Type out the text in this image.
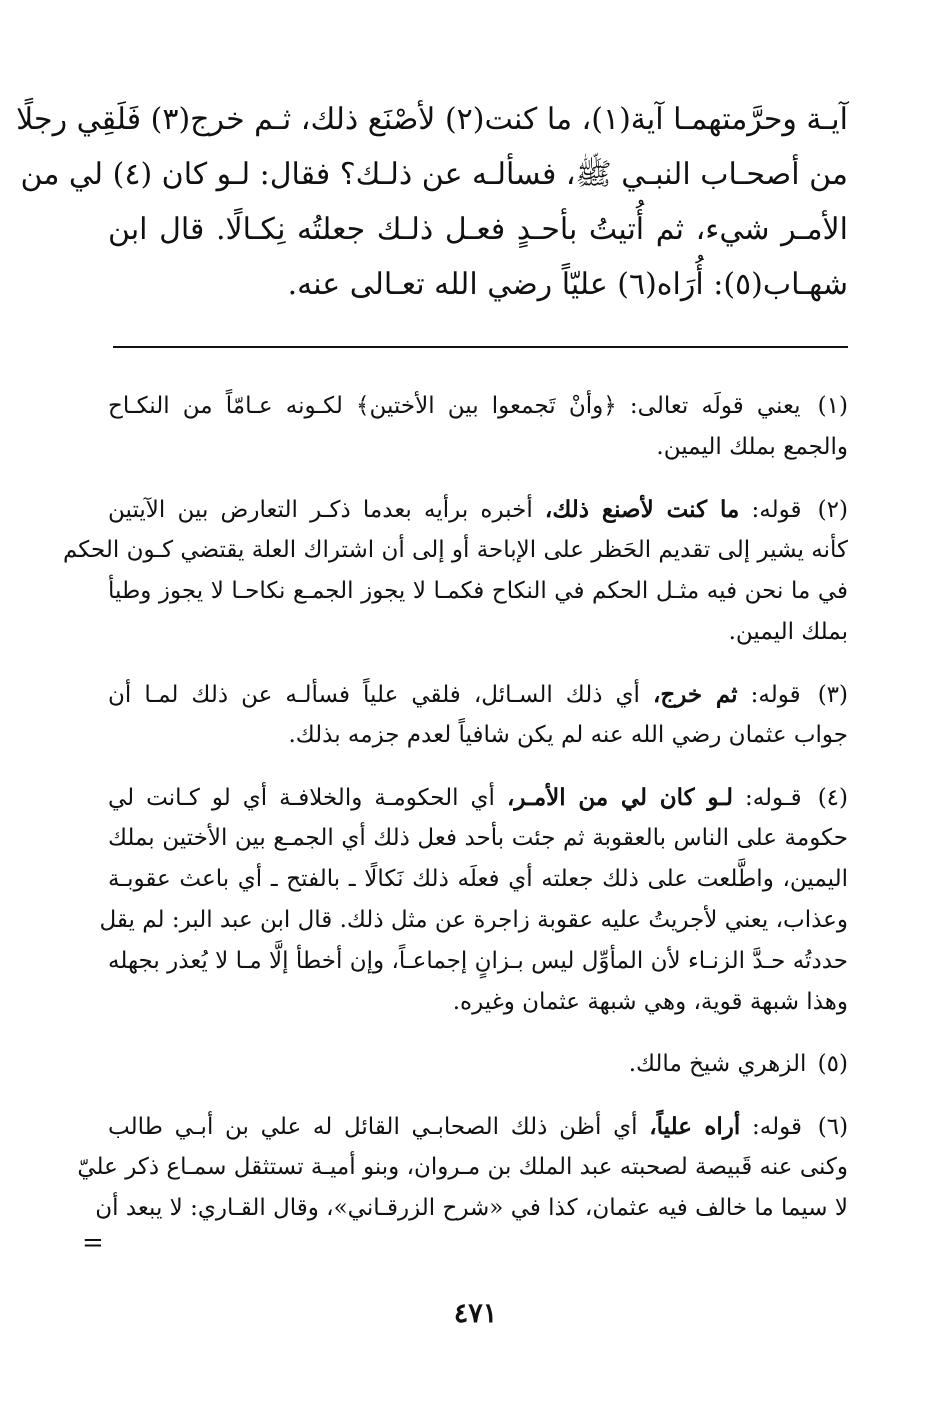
آيـة وحرَّمتهمـا آية(١)، ما كنت(٢) لأصْنَع ذلك، ثـم خرج(٣) فَلَقِي رجلًا
من أصحـاب النبـي ﷺ، فسألـه عن ذلـك؟ فقال: لـو كان (٤) لي من
الأمـر شيء، ثم أُتيتُ بأحـدٍ فعـل ذلـك جعلتُه نِكـالًا. قال ابن
شهـاب(٥): أُرَاه(٦) عليّاً رضي الله تعـالى عنه.
(١) يعني قولَه تعالى: ﴿وأنْ تَجمعوا بين الأختين﴾ لكـونه عـامّاً من النكـاح
والجمع بملك اليمين.
(٢) قوله: ما كنت لأصنع ذلك، أخبره برأيه بعدما ذكـر التعارض بين الآيتين
كأنه يشير إلى تقديم الحَظر على الإباحة أو إلى أن اشتراك العلة يقتضي كـون الحكم
في ما نحن فيه مثـل الحكم في النكاح فكمـا لا يجوز الجمـع نكاحـا لا يجوز وطيأ
بملك اليمين.
(٣) قوله: ثم خرج، أي ذلك السـائل، فلقي علياً فسألـه عن ذلك لمـا أن
جواب عثمان رضي الله عنه لم يكن شافياً لعدم جزمه بذلك.
(٤) قـوله: لـو كان لي من الأمـر، أي الحكومـة والخلافـة أي لو كـانت لي
حكومة على الناس بالعقوبة ثم جئت بأحد فعل ذلك أي الجمـع بين الأختين بملك
اليمين، واطَّلعت على ذلك جعلته أي فعلَه ذلك نَكالًا ـ بالفتح ـ أي باعث عقوبـة
وعذاب، يعني لأجريتُ عليه عقوبة زاجرة عن مثل ذلك. قال ابن عبد البر: لم يقل
حددتُه حـدَّ الزنـاء لأن المأوِّل ليس بـزانٍ إجماعـاً، وإن أخطأ إلَّا مـا لا يُعذر بجهله
وهذا شبهة قوية، وهي شبهة عثمان وغيره.
(٥) الزهري شيخ مالك.
(٦) قوله: أراه علياً، أي أظن ذلك الصحابـي القائل له علي بن أبـي طالب
وكنى عنه قَبيصة لصحبته عبد الملك بن مـروان، وبنو أميـة تستثقل سمـاع ذكر عليّ
لا سيما ما خالف فيه عثمان، كذا في «شرح الزرقـاني»، وقال القـاري: لا يبعد أن
=
٤٧١
